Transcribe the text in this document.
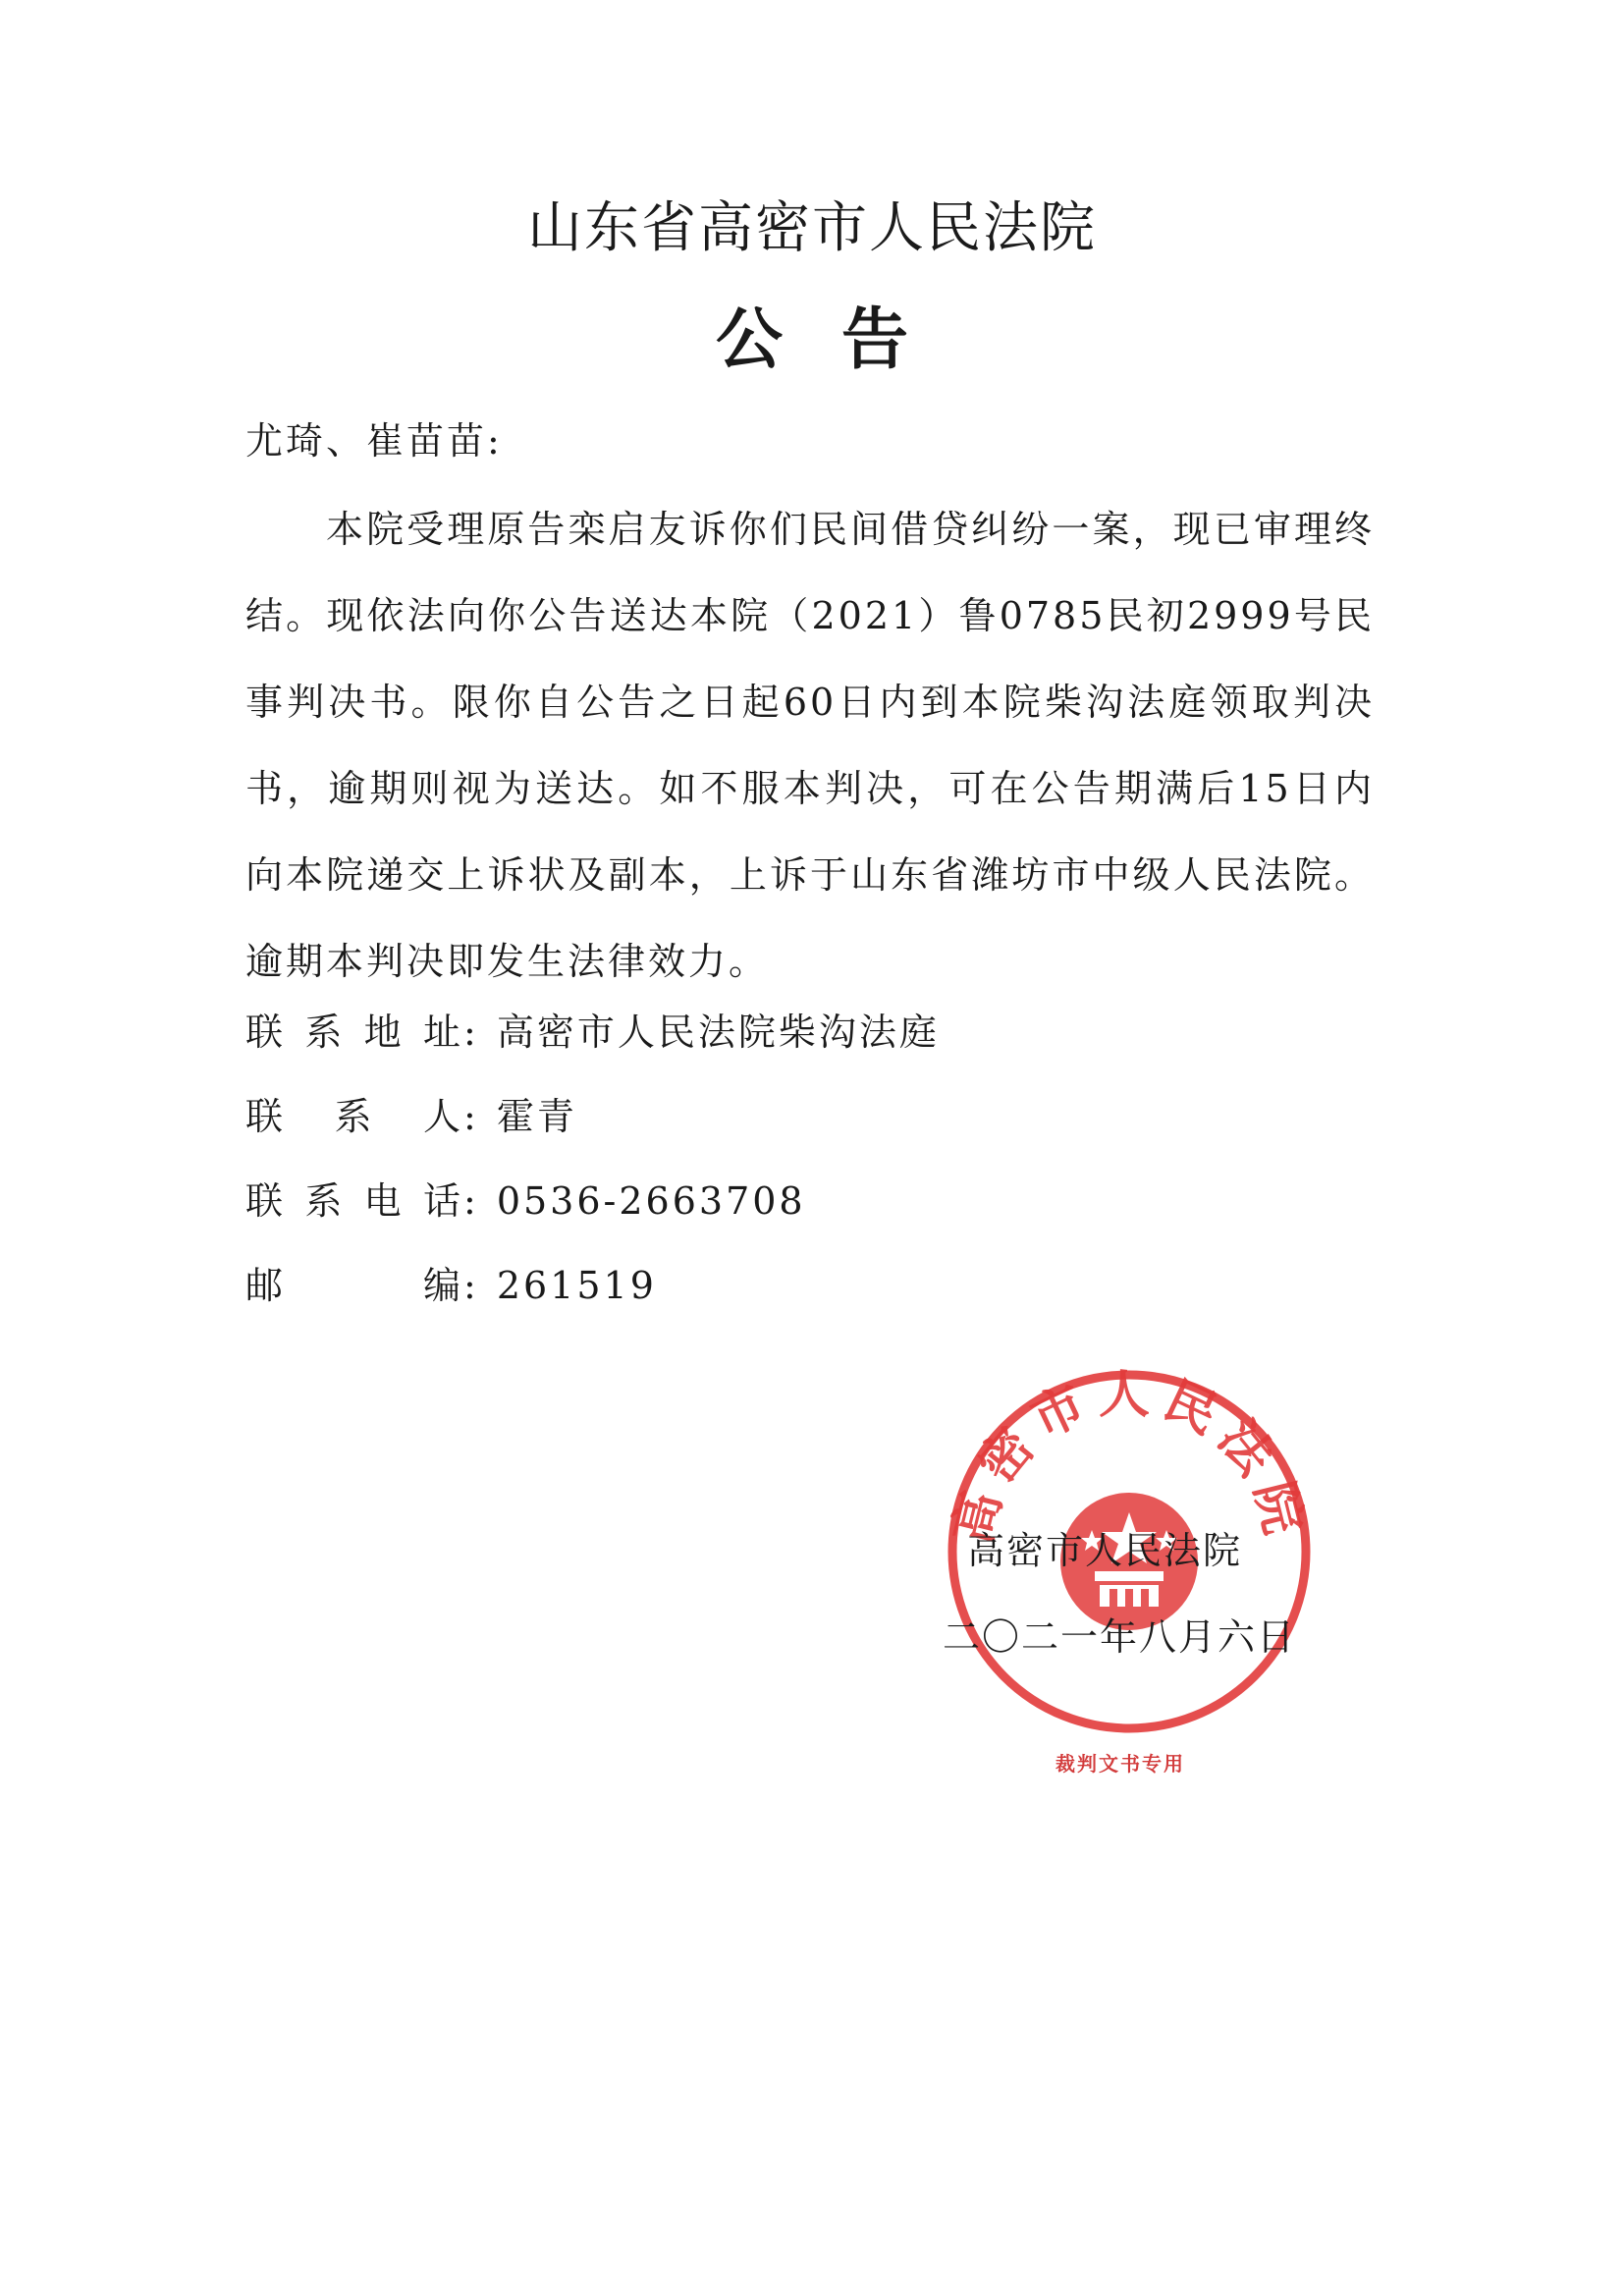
山东省高密市人民法院
公告
尤琦、崔苗苗:
本院受理原告栾启友诉你们民间借贷纠纷一案，现已审理终结。现依法向你公告送达本院（2021）鲁0785民初2999号民事判决书。限你自公告之日起60日内到本院柴沟法庭领取判决书，逾期则视为送达。如不服本判决，可在公告期满后15日内向本院递交上诉状及副本，上诉于山东省潍坊市中级人民法院。逾期本判决即发生法律效力。
联系地址: 高密市人民法院柴沟法庭
联系人: 霍青
联系电话: 0536-2663708
邮编: 261519
高密市人民法院
裁判文书专用
高密市人民法院
二〇二一年八月六日
